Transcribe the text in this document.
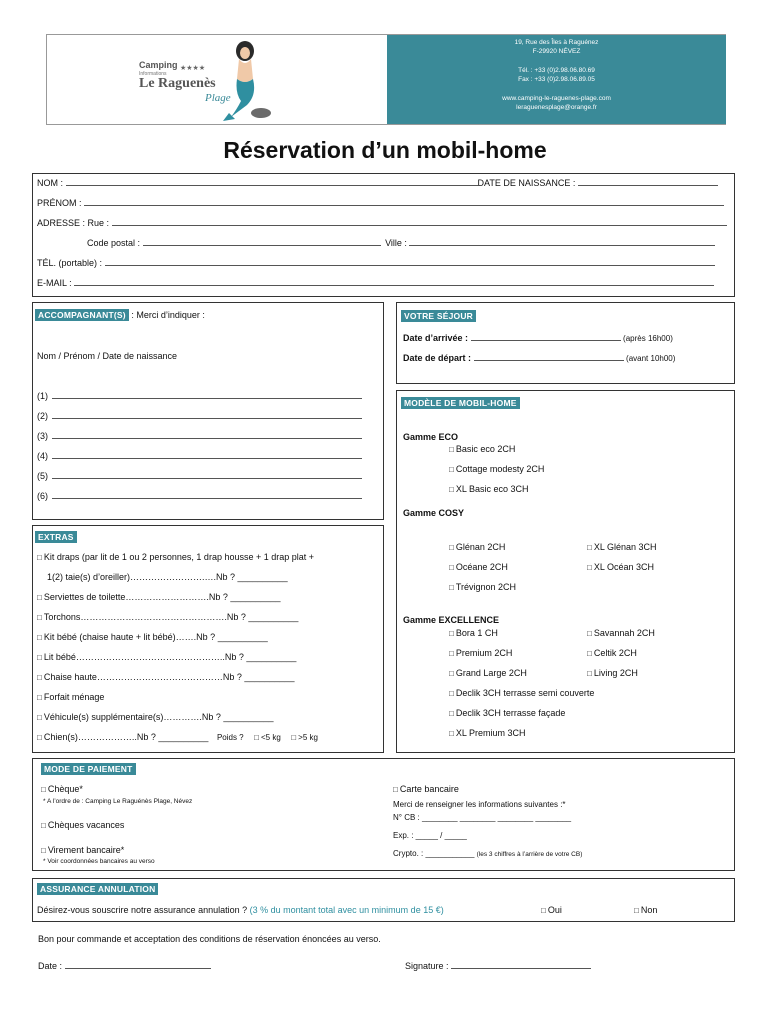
Camping
Informations
★★★★
Le Raguenès
Plage
19, Rue des Îles à Raguénez
F-29920 NÉVEZ
Tél. : +33 (0)2.98.06.80.69
Fax : +33 (0)2.98.06.89.05
www.camping-le-raguenes-plage.com
leraguenesplage@orange.fr
Réservation d’un mobil-home
NOM :	DATE DE NAISSANCE :
PRÉNOM :
ADRESSE : Rue :
Code postal :	Ville :
TÉL. (portable) :
E-MAIL :
ACCOMPAGNANT(S) : Merci d’indiquer :
Nom / Prénom / Date de naissance
(1)
(2)
(3)
(4)
(5)
(6)
VOTRE SÉJOUR
Date d’arrivée :	(après 16h00)
Date de départ :	(avant 10h00)
MODÈLE DE MOBIL-HOME
Gamme ECO
Gamme COSY
Gamme EXCELLENCE
□ Basic eco 2CH
□ Cottage modesty 2CH
□ XL Basic eco 3CH
□ Glénan 2CH
□ Océane 2CH
□ Trévignon 2CH
□ XL Glénan 3CH
□ XL Océan 3CH
□ Bora 1 CH
□ Premium 2CH
□ Grand Large 2CH
□ Savannah 2CH
□ Celtik 2CH
□ Living 2CH
□ Declik 3CH terrasse semi couverte
□ Declik 3CH terrasse façade
□ XL Premium 3CH
EXTRAS
□ Kit draps (par lit de 1 ou 2 personnes, 1 drap housse + 1 drap plat +
1(2) taie(s) d’oreiller)…………………….….Nb ? __________
□ Chien(s)………………..Nb ? __________ Poids ? □ <5 kg □ >5 kg
□ Serviettes de toilette……………………….Nb ? __________
□ Torchons………………………………………….Nb ? __________
□ Kit bébé (chaise haute + lit bébé)…….Nb ? __________
□ Lit bébé…………………………………………..Nb ? __________
□ Chaise haute……………………………………Nb ? __________
□ Forfait ménage
□ Véhicule(s) supplémentaire(s)………….Nb ? __________
MODE DE PAIEMENT
□ Chèque*
* A l’ordre de : Camping Le Raguénès Plage, Névez
□ Chèques vacances
□ Virement bancaire*
* Voir coordonnées bancaires au verso
□ Carte bancaire
Merci de renseigner les informations suivantes :*
N° CB : ________ ________ ________ ________
Exp. : _____ / _____
Crypto. : ___________ (les 3 chiffres à l’arrière de votre CB)
ASSURANCE ANNULATION
Désirez-vous souscrire notre assurance annulation ? (3 % du montant total avec un minimum de 15 €)	□ Oui	□ Non
Bon pour commande et acceptation des conditions de réservation énoncées au verso.
Date :	Signature :
